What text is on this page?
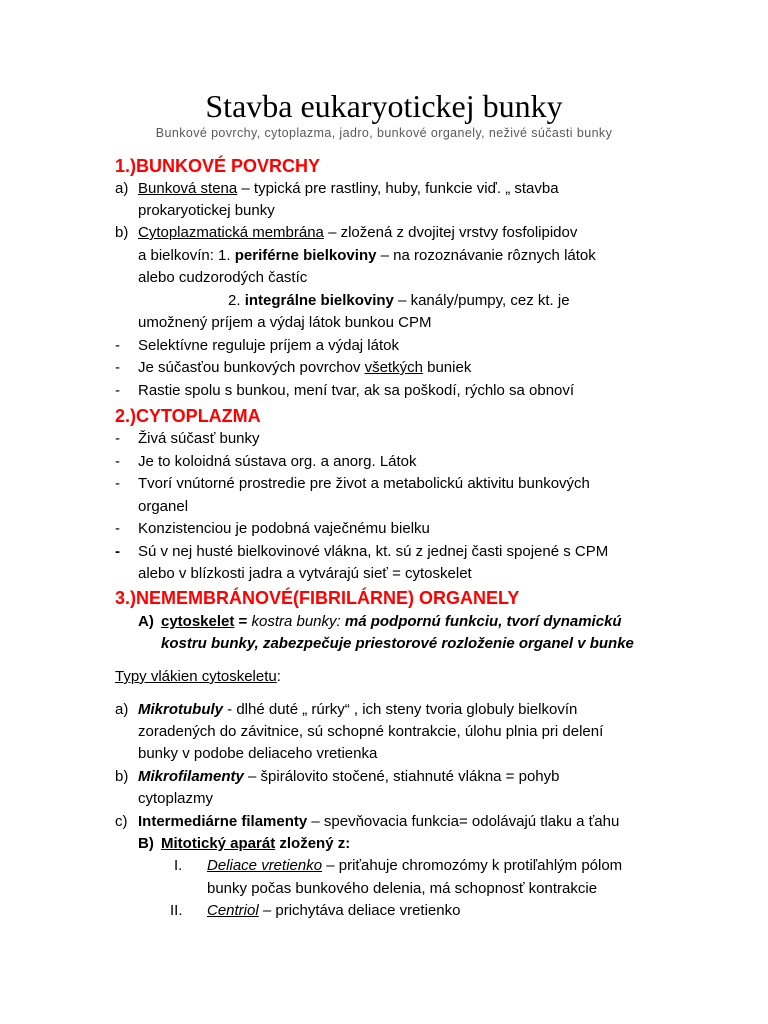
Stavba eukaryotickej bunky
Bunkové povrchy, cytoplazma, jadro, bunkové organely, neživé súčasti bunky
1.)BUNKOVÉ POVRCHY
a) Bunková stena – typická pre rastliny, huby, funkcie viď. „ stavba
prokaryotickej bunky
b) Cytoplazmatická membrána – zložená z dvojitej vrstvy fosfolipidov
a bielkovín: 1. periférne bielkoviny – na rozoznávanie rôznych látok
alebo cudzorodých častíc
2. integrálne bielkoviny – kanály/pumpy, cez kt. je
umožnený príjem a výdaj látok bunkou CPM
- Selektívne reguluje príjem a výdaj látok
- Je súčasťou bunkových povrchov všetkých buniek
- Rastie spolu s bunkou, mení tvar, ak sa poškodí, rýchlo sa obnoví
2.)CYTOPLAZMA
- Živá súčasť bunky
- Je to koloidná sústava org. a anorg. Látok
- Tvorí vnútorné prostredie pre život a metabolickú aktivitu bunkových
organel
- Konzistenciou je podobná vaječnému bielku
- Sú v nej husté bielkovinové vlákna, kt. sú z jednej časti spojené s CPM
alebo v blízkosti jadra a vytvárajú sieť = cytoskelet
3.)NEMEMBRÁNOVÉ(FIBRILÁRNE) ORGANELY
A) cytoskelet = kostra bunky: má podpornú funkciu, tvorí dynamickú
kostru bunky, zabezpečuje priestorové rozloženie organel v bunke
Typy vlákien cytoskeletu:
a) Mikrotubuly - dlhé duté „ rúrky“ , ich steny tvoria globuly bielkovín
zoradených do závitnice, sú schopné kontrakcie, úlohu plnia pri delení
bunky v podobe deliaceho vretienka
b) Mikrofilamenty – špirálovito stočené, stiahnuté vlákna = pohyb
cytoplazmy
c) Intermediárne filamenty – spevňovacia funkcia= odolávajú tlaku a ťahu
B) Mitotický aparát zložený z:
I. Deliace vretienko – priťahuje chromozómy k protiľahlým pólom
bunky počas bunkového delenia, má schopnosť kontrakcie
II. Centriol – prichytáva deliace vretienko
